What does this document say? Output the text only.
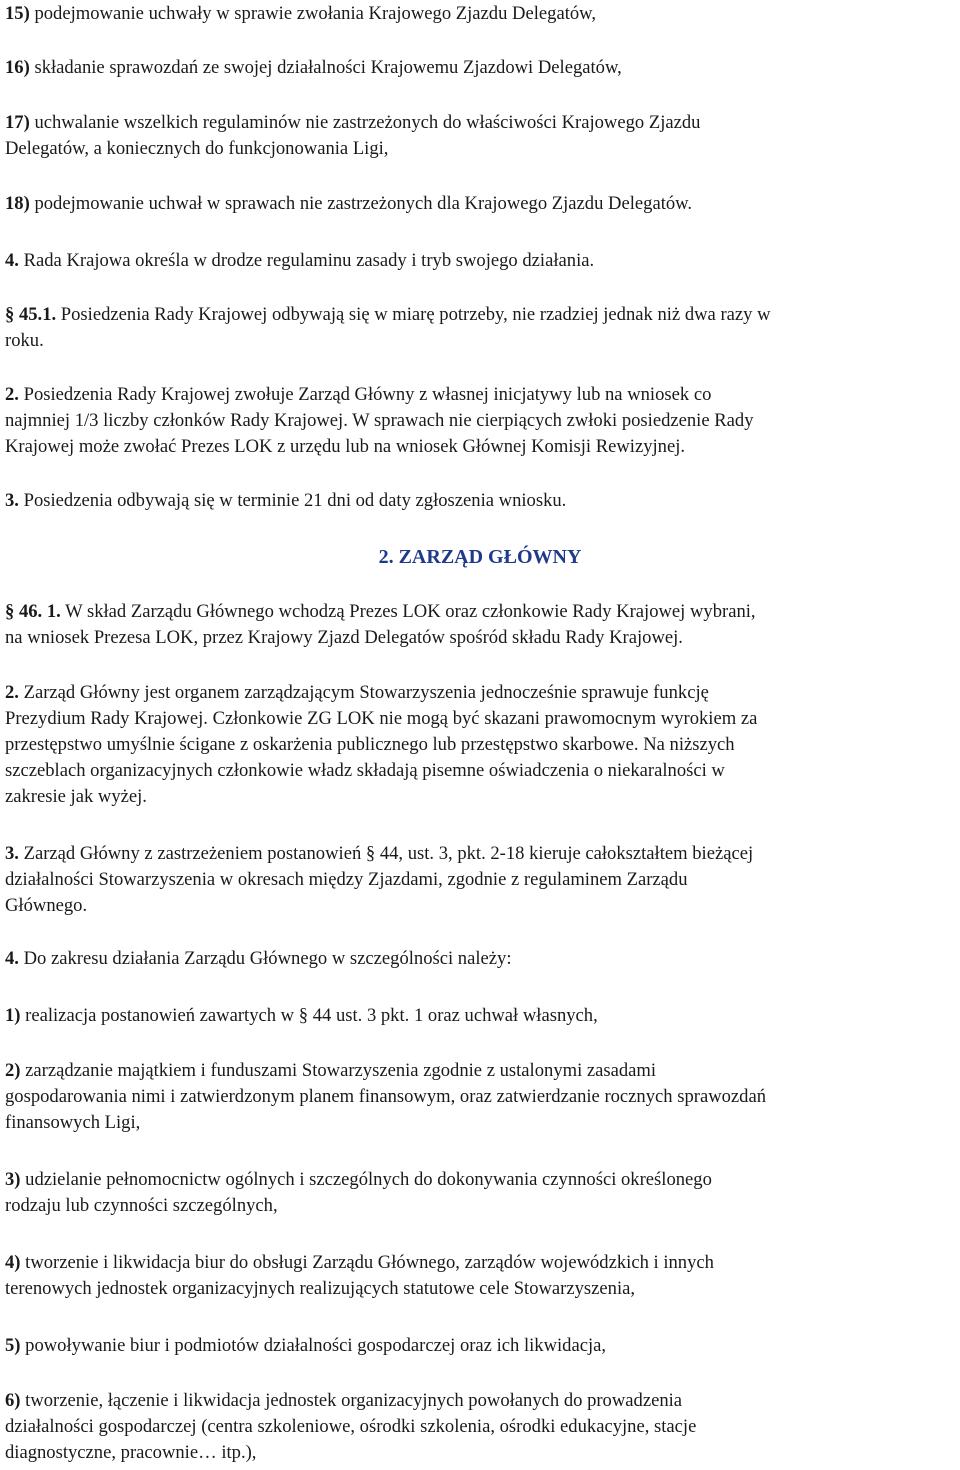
15) podejmowanie uchwały w sprawie zwołania Krajowego Zjazdu Delegatów,

16) składanie sprawozdań ze swojej działalności Krajowemu Zjazdowi Delegatów,

17) uchwalanie wszelkich regulaminów nie zastrzeżonych do właściwości Krajowego Zjazdu
Delegatów, a koniecznych do funkcjonowania Ligi,

18) podejmowanie uchwał w sprawach nie zastrzeżonych dla Krajowego Zjazdu Delegatów.

4. Rada Krajowa określa w drodze regulaminu zasady i tryb swojego działania.

§ 45.1. Posiedzenia Rady Krajowej odbywają się w miarę potrzeby, nie rzadziej jednak niż dwa razy w
roku.

2. Posiedzenia Rady Krajowej zwołuje Zarząd Główny z własnej inicjatywy lub na wniosek co
najmniej 1/3 liczby członków Rady Krajowej. W sprawach nie cierpiących zwłoki posiedzenie Rady
Krajowej może zwołać Prezes LOK z urzędu lub na wniosek Głównej Komisji Rewizyjnej.

3. Posiedzenia odbywają się w terminie 21 dni od daty zgłoszenia wniosku.

2. ZARZĄD GŁÓWNY

§ 46. 1. W skład Zarządu Głównego wchodzą Prezes LOK oraz członkowie Rady Krajowej wybrani,
na wniosek Prezesa LOK, przez Krajowy Zjazd Delegatów spośród składu Rady Krajowej.

2. Zarząd Główny jest organem zarządzającym Stowarzyszenia jednocześnie sprawuje funkcję
Prezydium Rady Krajowej. Członkowie ZG LOK nie mogą być skazani prawomocnym wyrokiem za
przestępstwo umyślnie ścigane z oskarżenia publicznego lub przestępstwo skarbowe. Na niższych
szczeblach organizacyjnych członkowie władz składają pisemne oświadczenia o niekaralności w
zakresie jak wyżej.

3. Zarząd Główny z zastrzeżeniem postanowień § 44, ust. 3, pkt. 2-18 kieruje całokształtem bieżącej
działalności Stowarzyszenia w okresach między Zjazdami, zgodnie z regulaminem Zarządu
Głównego.

4. Do zakresu działania Zarządu Głównego w szczególności należy:

1) realizacja postanowień zawartych w § 44 ust. 3 pkt. 1 oraz uchwał własnych,

2) zarządzanie majątkiem i funduszami Stowarzyszenia zgodnie z ustalonymi zasadami
gospodarowania nimi i zatwierdzonym planem finansowym, oraz zatwierdzanie rocznych sprawozdań
finansowych Ligi,

3) udzielanie pełnomocnictw ogólnych i szczególnych do dokonywania czynności określonego
rodzaju lub czynności szczególnych,

4) tworzenie i likwidacja biur do obsługi Zarządu Głównego, zarządów wojewódzkich i innych
terenowych jednostek organizacyjnych realizujących statutowe cele Stowarzyszenia,

5) powoływanie biur i podmiotów działalności gospodarczej oraz ich likwidacja,

6) tworzenie, łączenie i likwidacja jednostek organizacyjnych powołanych do prowadzenia
działalności gospodarczej (centra szkoleniowe, ośrodki szkolenia, ośrodki edukacyjne, stacje
diagnostyczne, pracownie… itp.),
